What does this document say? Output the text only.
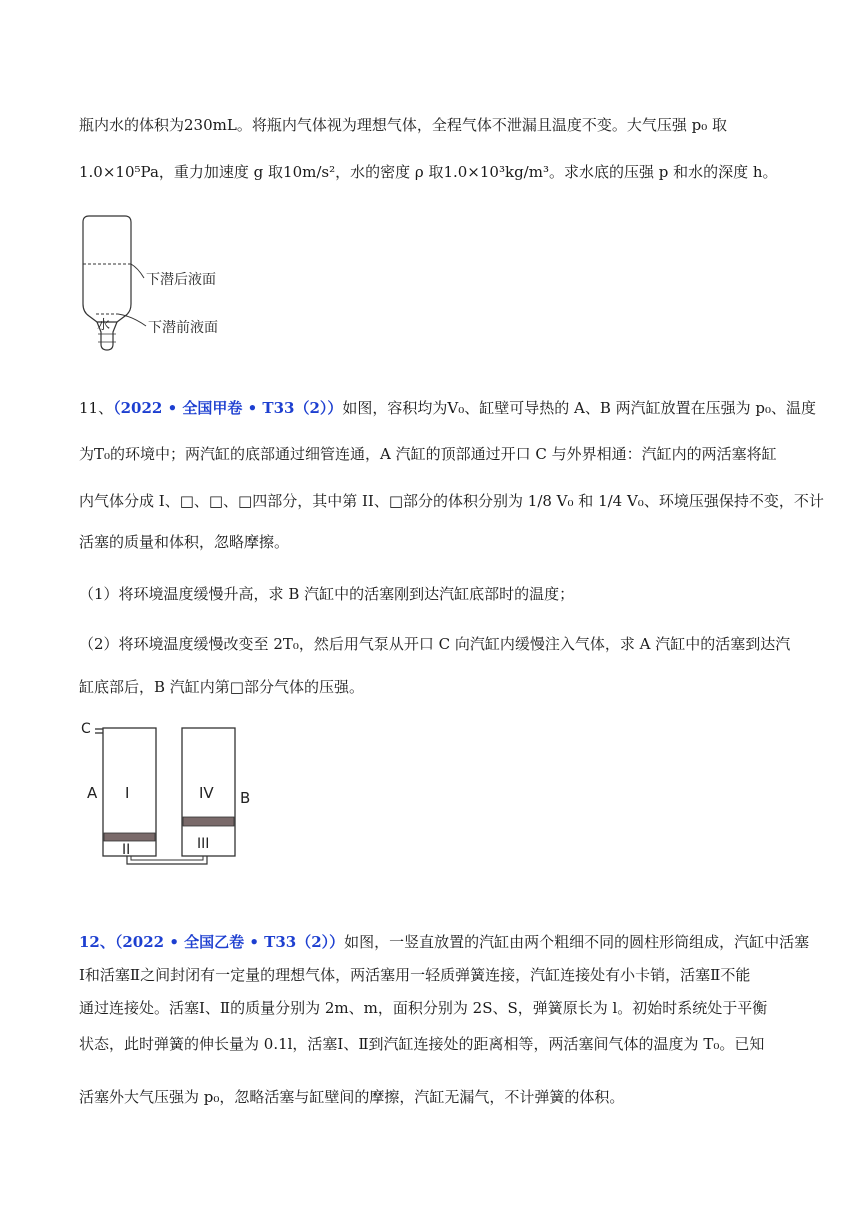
瓶内水的体积为230mL。将瓶内气体视为理想气体，全程气体不泄漏且温度不变。大气压强 p₀ 取
1.0×10⁵Pa，重力加速度 g 取10m/s²，水的密度 ρ 取1.0×10³kg/m³。求水底的压强 p 和水的深度 h。
水
下潜后液面
下潜前液面
11、（2022 • 全国甲卷 • T33（2））如图，容积均为V₀、缸壁可导热的 A、B 两汽缸放置在压强为 p₀、温度
为T₀的环境中；两汽缸的底部通过细管连通，A 汽缸的顶部通过开口 C 与外界相通：汽缸内的两活塞将缸
内气体分成 I、□、□、□四部分，其中第 II、□部分的体积分别为 1/8 V₀ 和 1/4 V₀、环境压强保持不变，不计
活塞的质量和体积，忽略摩擦。
（1）将环境温度缓慢升高，求 B 汽缸中的活塞刚到达汽缸底部时的温度；
（2）将环境温度缓慢改变至 2T₀，然后用气泵从开口 C 向汽缸内缓慢注入气体，求 A 汽缸中的活塞到达汽
缸底部后，B 汽缸内第□部分气体的压强。
C
A I
II	III
IV B
12、（2022 • 全国乙卷 • T33（2））如图，一竖直放置的汽缸由两个粗细不同的圆柱形筒组成，汽缸中活塞
Ⅰ和活塞Ⅱ之间封闭有一定量的理想气体，两活塞用一轻质弹簧连接，汽缸连接处有小卡销，活塞Ⅱ不能
通过连接处。活塞Ⅰ、Ⅱ的质量分别为 2m、m，面积分别为 2S、S，弹簧原长为 l。初始时系统处于平衡
状态，此时弹簧的伸长量为 0.1l，活塞Ⅰ、Ⅱ到汽缸连接处的距离相等，两活塞间气体的温度为 T₀。已知
活塞外大气压强为 p₀，忽略活塞与缸壁间的摩擦，汽缸无漏气，不计弹簧的体积。
